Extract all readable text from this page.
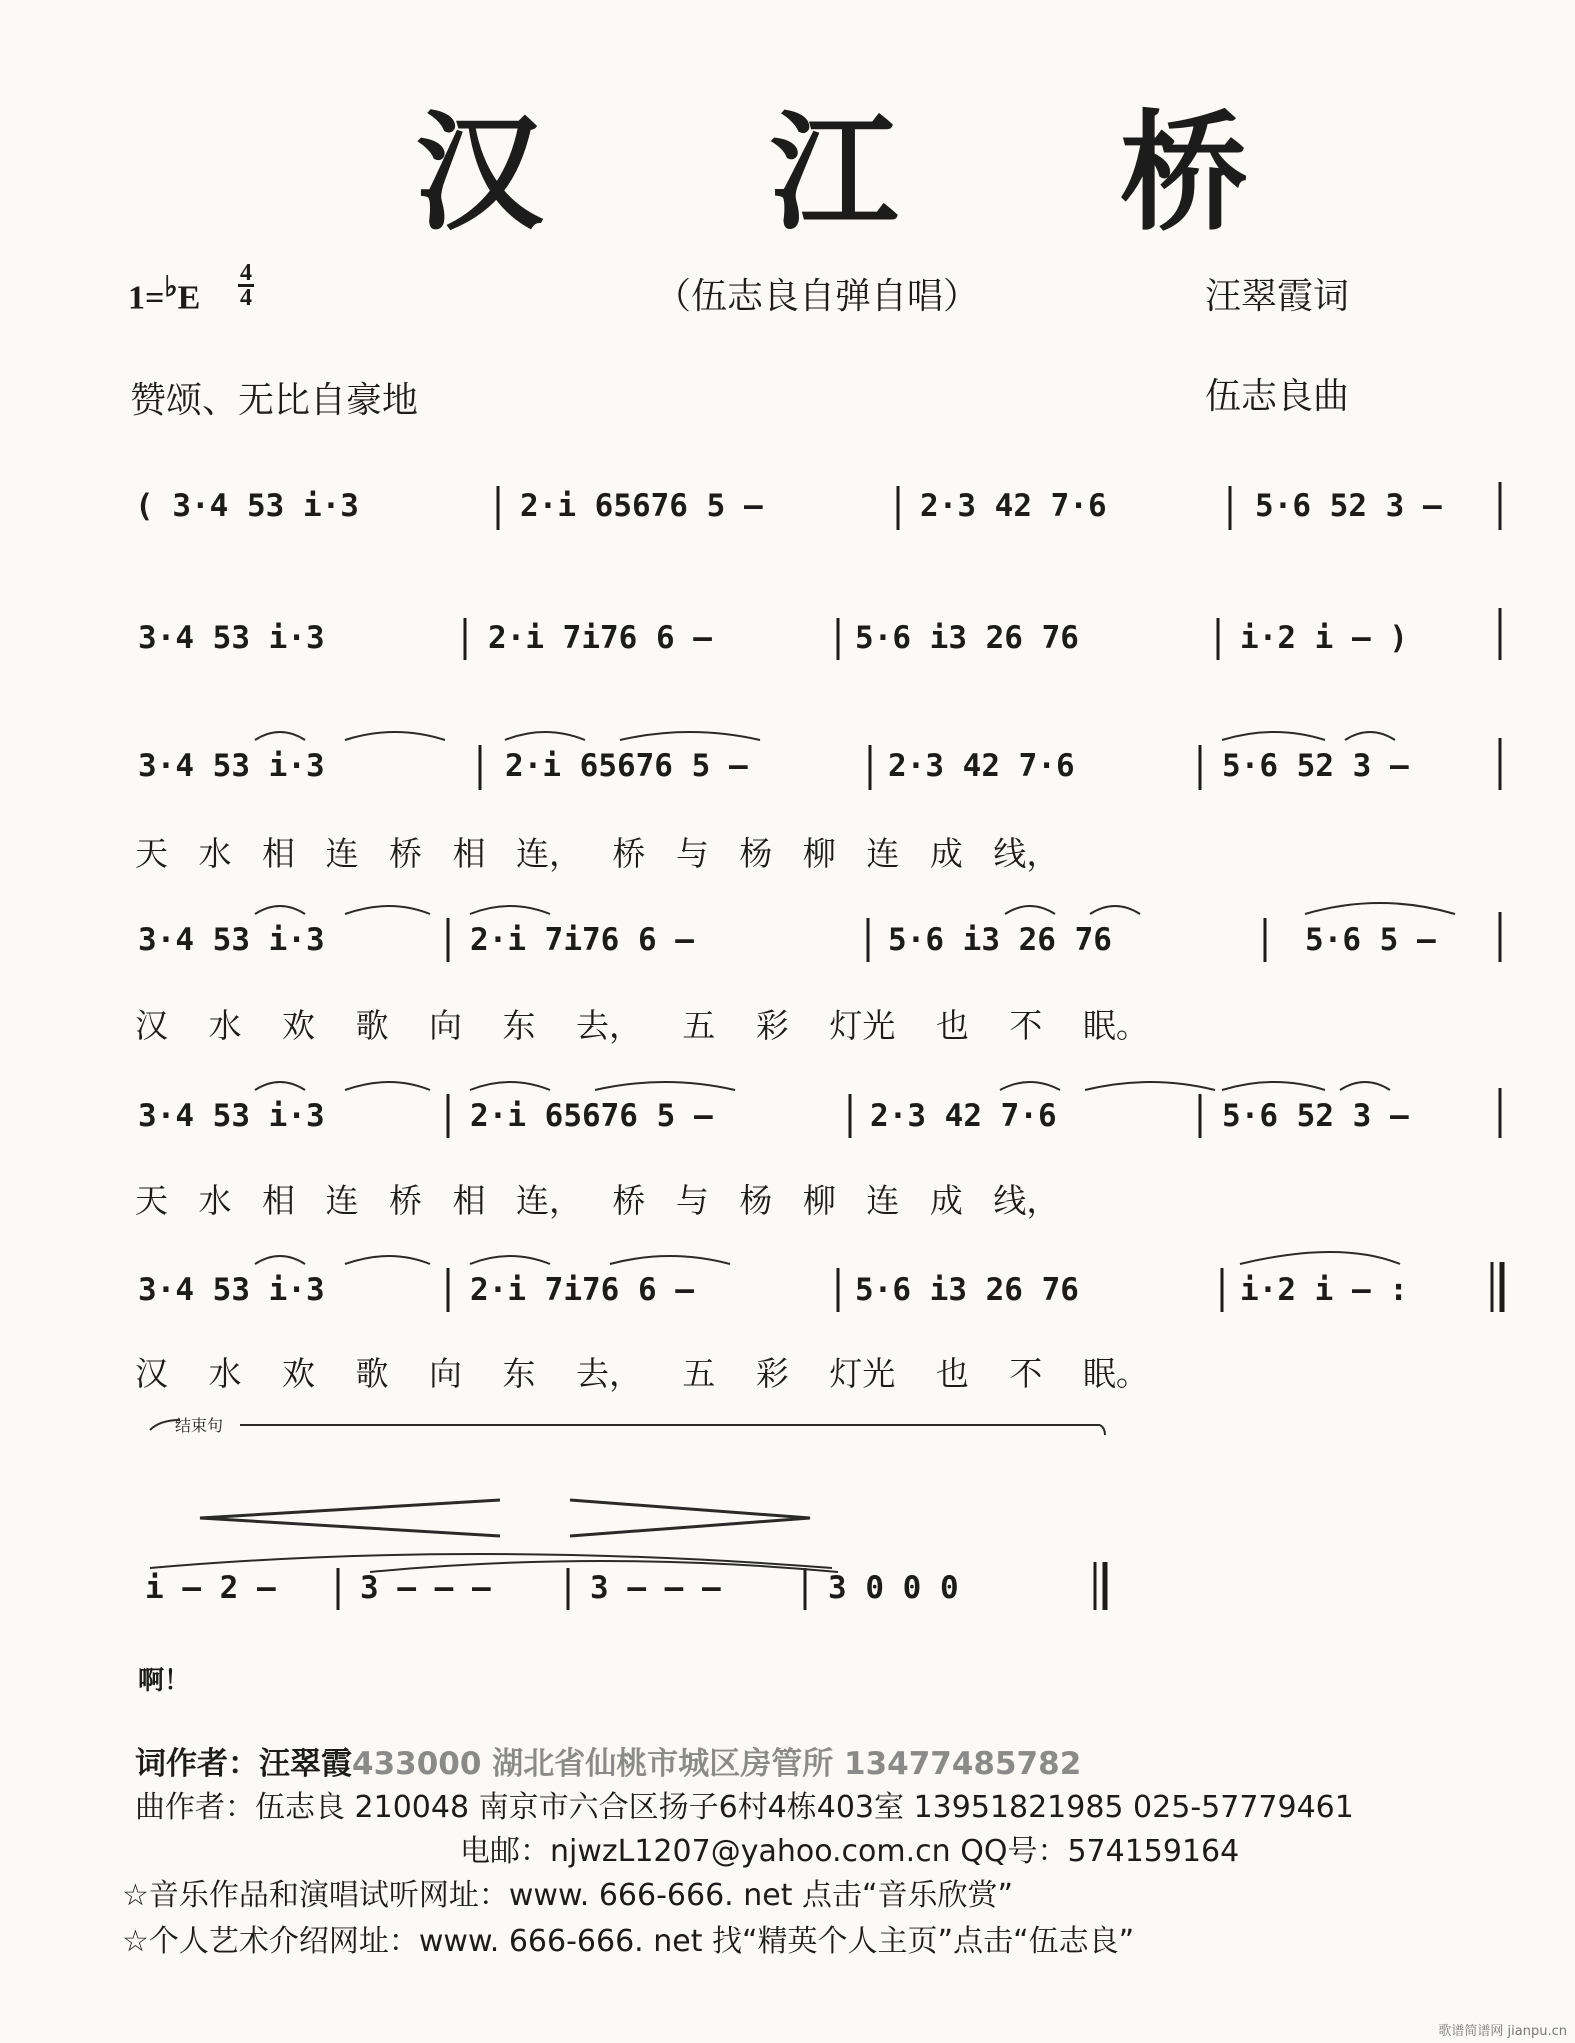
汉 江 桥
$1=^♭E \frac{4}{4}$	（伍志良自弹自唱）	汪翠霞词
赞颂、无比自豪地	伍志良曲
( 3·4 53 i·3	2·i 65676 5 –	2·3 42 7·6	5·6 52 3 –
3·4 53 i·3	2·i 7i76 6 –	5·6 i3 26 76	i·2 i – )
3·4 53 i·3	2·i 65676 5 –	2·3 42 7·6	5·6 52 3 –
天 水 相 连 桥 相 连， 桥 与 杨 柳 连 成 线，
3·4 53 i·3	2·i 7i76 6 –	5·6 i3 26 76	5·6 5 –
汉 水 欢 歌 向 东 去， 五 彩 灯光 也 不 眠。
3·4 53 i·3	2·i 65676 5 –	2·3 42 7·6	5·6 52 3 –
天 水 相 连 桥 相 连， 桥 与 杨 柳 连 成 线，
3·4 53 i·3	2·i 7i76 6 –	5·6 i3 26 76	i·2 i – :
汉 水 欢 歌 向 东 去， 五 彩 灯光 也 不 眠。
结束句
i – 2 –	3 – – –	3 – – –	3 0 0 0
啊！
词作者：汪翠霞433000 湖北省仙桃市城区房管所 13477485782
曲作者：伍志良 210048 南京市六合区扬子6村4栋403室 13951821985 025-57779461
电邮：njwzL1207@yahoo.com.cn QQ号：574159164
☆音乐作品和演唱试听网址：www. 666-666. net 点击“音乐欣赏”
☆个人艺术介绍网址：www. 666-666. net 找“精英个人主页”点击“伍志良”
歌谱简谱网 jianpu.cn
